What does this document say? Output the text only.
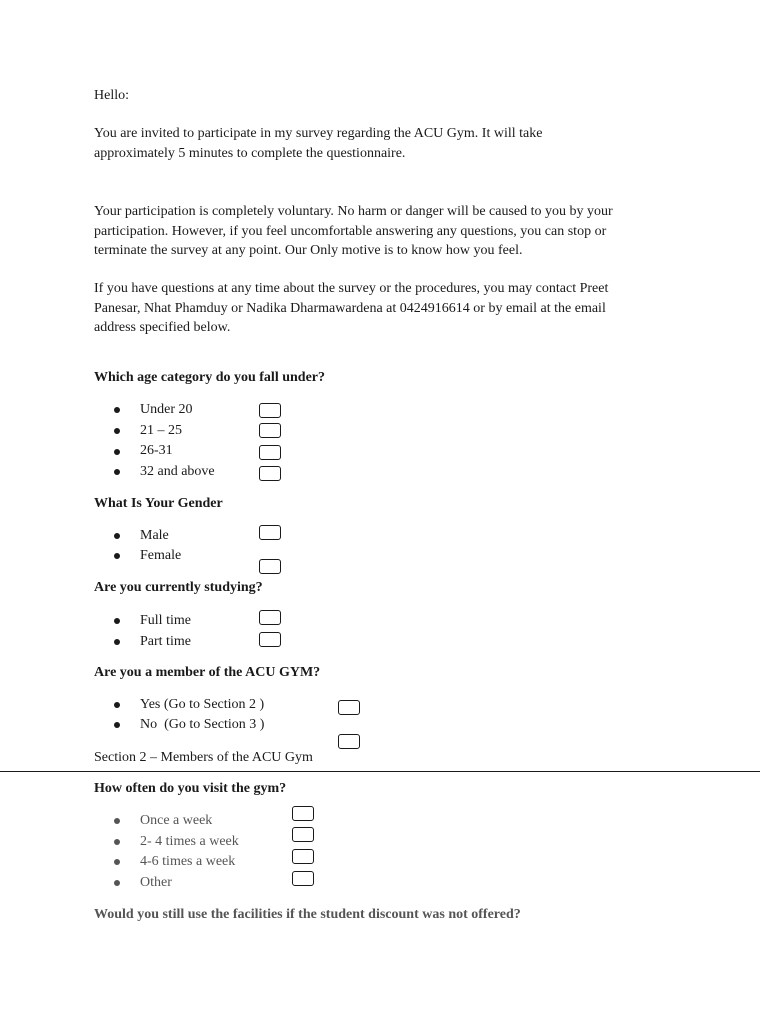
Hello:
You are invited to participate in my survey regarding the ACU Gym. It will take
approximately 5 minutes to complete the questionnaire.
Your participation is completely voluntary. No harm or danger will be caused to you by your
participation. However, if you feel uncomfortable answering any questions, you can stop or
terminate the survey at any point. Our Only motive is to know how you feel.
If you have questions at any time about the survey or the procedures, you may contact Preet
Panesar, Nhat Phamduy or Nadika Dharmawardena at 0424916614 or by email at the email
address specified below.
Which age category do you fall under?
Under 20
21 – 25
26-31
32 and above
What Is Your Gender
Male
Female
Are you currently studying?
Full time
Part time
Are you a member of the ACU GYM?
Yes (Go to Section 2 )
No  (Go to Section 3 )
Section 2 – Members of the ACU Gym
How often do you visit the gym?
Once a week
2- 4 times a week
4-6 times a week
Other
Would you still use the facilities if the student discount was not offered?
